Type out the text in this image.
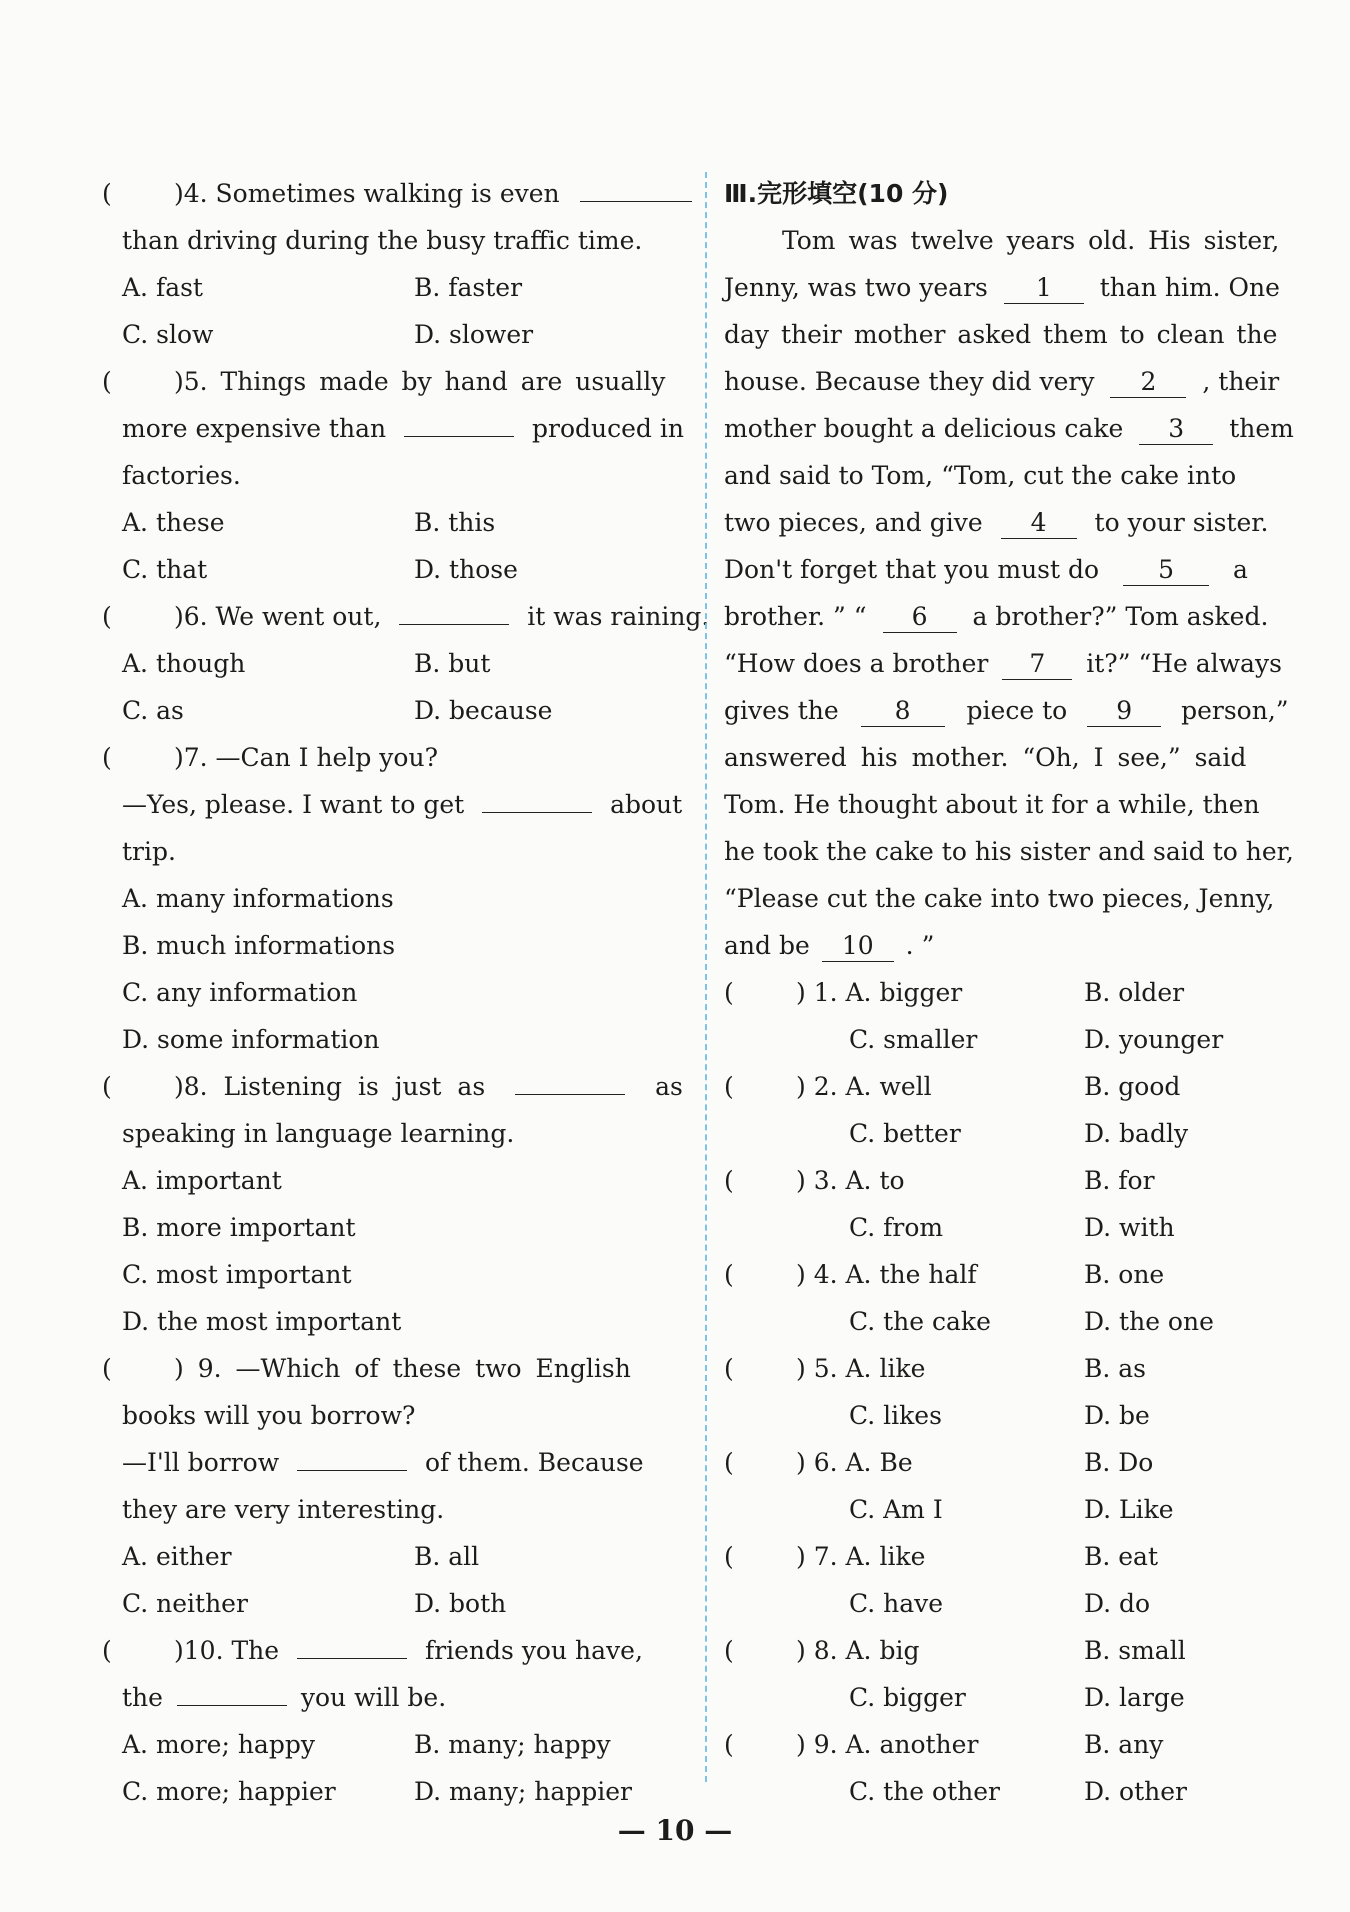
( )4. Sometimes walking is even
than driving during the busy traffic time.
A. fast	B. faster
C. slow	D. slower
( )5. Things made by hand are usually
more expensive than	produced in
factories.
A. these	B. this
C. that	D. those
( )6. We went out,	it was raining.
A. though	B. but
C. as	D. because
( )7. —Can I help you?
—Yes, please. I want to get	about
trip.
A. many informations
B. much informations
C. any information
D. some information
( )8. Listening is just as	as
speaking in language learning.
A. important
B. more important
C. most important
D. the most important
( ) 9. —Which of these two English
books will you borrow?
—I'll borrow	of them. Because
they are very interesting.
A. either	B. all
C. neither	D. both
( )10. The	friends you have,
the	you will be.
A. more; happy	B. many; happy
C. more; happier	D. many; happier
Ⅲ.完形填空(10 分)
Tom was twelve years old. His sister,
Jenny, was two years 1 than him. One
day their mother asked them to clean the
house. Because they did very 2 , their
mother bought a delicious cake 3 them
and said to Tom, “Tom, cut the cake into
two pieces, and give 4 to your sister.
Don't forget that you must do 5 a
brother. ” “ 6 a brother?” Tom asked.
“How does a brother 7 it?” “He always
gives the 8 piece to 9 person,”
answered his mother. “Oh, I see,” said
Tom. He thought about it for a while, then
he took the cake to his sister and said to her,
“Please cut the cake into two pieces, Jenny,
and be 10 . ”
( ) 1. A. bigger	B. older
C. smaller	D. younger
( ) 2. A. well	B. good
C. better	D. badly
( ) 3. A. to	B. for
C. from	D. with
( ) 4. A. the half	B. one
C. the cake	D. the one
( ) 5. A. like	B. as
C. likes	D. be
( ) 6. A. Be	B. Do
C. Am I	D. Like
( ) 7. A. like	B. eat
C. have	D. do
( ) 8. A. big	B. small
C. bigger	D. large
( ) 9. A. another	B. any
C. the other	D. other
— 10 —
